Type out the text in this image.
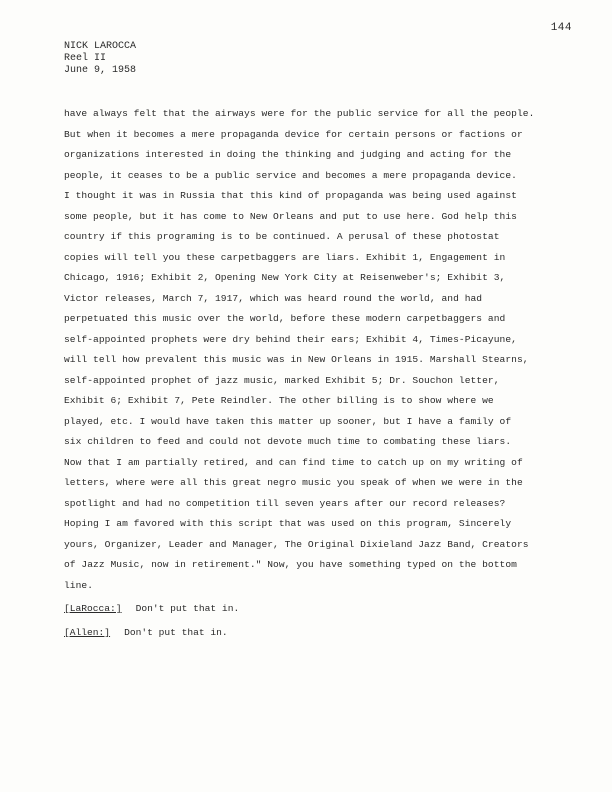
144
NICK LAROCCA
Reel II
June 9, 1958
have always felt that the airways were for the public service for all the people.
But when it becomes a mere propaganda device for certain persons or factions or
organizations interested in doing the thinking and judging and acting for the
people, it ceases to be a public service and becomes a mere propaganda device.
I thought it was in Russia that this kind of propaganda was being used against
some people, but it has come to New Orleans and put to use here. God help this
country if this programing is to be continued. A perusal of these photostat
copies will tell you these carpetbaggers are liars. Exhibit 1, Engagement in
Chicago, 1916; Exhibit 2, Opening New York City at Reisenweber's; Exhibit 3,
Victor releases, March 7, 1917, which was heard round the world, and had
perpetuated this music over the world, before these modern carpetbaggers and
self-appointed prophets were dry behind their ears; Exhibit 4, Times-Picayune,
will tell how prevalent this music was in New Orleans in 1915. Marshall Stearns,
self-appointed prophet of jazz music, marked Exhibit 5; Dr. Souchon letter,
Exhibit 6; Exhibit 7, Pete Reindler. The other billing is to show where we
played, etc. I would have taken this matter up sooner, but I have a family of
six children to feed and could not devote much time to combating these liars.
Now that I am partially retired, and can find time to catch up on my writing of
letters, where were all this great negro music you speak of when we were in the
spotlight and had no competition till seven years after our record releases?
Hoping I am favored with this script that was used on this program, Sincerely
yours, Organizer, Leader and Manager, The Original Dixieland Jazz Band, Creators
of Jazz Music, now in retirement." Now, you have something typed on the bottom
line.
[LaRocca:] Don't put that in.
[Allen:] Don't put that in.
